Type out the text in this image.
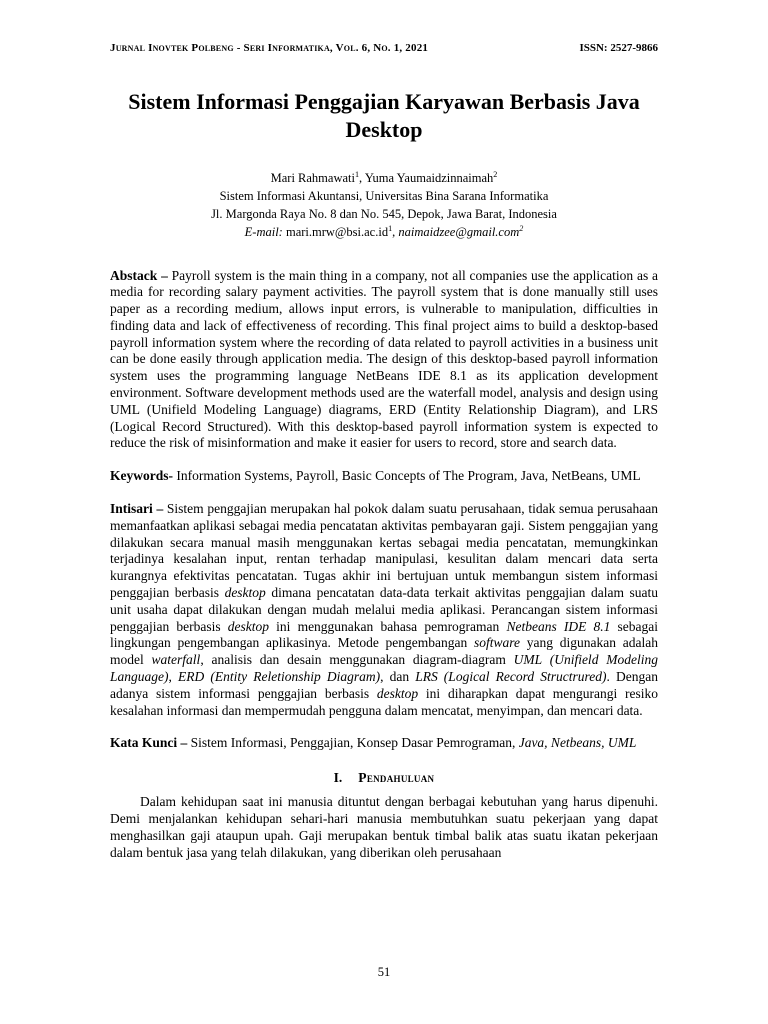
Jurnal Inovtek Polbeng - Seri Informatika, Vol. 6, No. 1, 2021	ISSN: 2527-9866
Sistem Informasi Penggajian Karyawan Berbasis Java Desktop

Mari Rahmawati$^1$, Yuma Yaumaidzinnaimah$^2$

Sistem Informasi Akuntansi, Universitas Bina Sarana Informatika

Jl. Margonda Raya No. 8 dan No. 545, Depok, Jawa Barat, Indonesia

E-mail: $mari.mrw@bsi.ac.id^1$, naimaidzee@gmail.com$^2$

Abstack – Payroll system is the main thing in a company, not all companies use the application as a media for recording salary payment activities. The payroll system that is done manually still uses paper as a recording medium, allows input errors, is vulnerable to manipulation, difficulties in finding data and lack of effectiveness of recording. This final project aims to build a desktop-based payroll information system where the recording of data related to payroll activities in a business unit can be done easily through application media. The design of this desktop-based payroll information system uses the programming language NetBeans IDE 8.1 as its application development environment. Software development methods used are the waterfall model, analysis and design using UML (Unifield Modeling Language) diagrams, ERD (Entity Relationship Diagram), and LRS (Logical Record Structured). With this desktop-based payroll information system is expected to reduce the risk of misinformation and make it easier for users to record, store and search data.

Keywords- Information Systems, Payroll, Basic Concepts of The Program, Java, NetBeans, UML

Intisari – Sistem penggajian merupakan hal pokok dalam suatu perusahaan, tidak semua perusahaan memanfaatkan aplikasi sebagai media pencatatan aktivitas pembayaran gaji. Sistem penggajian yang dilakukan secara manual masih menggunakan kertas sebagai media pencatatan, memungkinkan terjadinya kesalahan input, rentan terhadap manipulasi, kesulitan dalam mencari data serta kurangnya efektivitas pencatatan. Tugas akhir ini bertujuan untuk membangun sistem informasi penggajian berbasis desktop dimana pencatatan data-data terkait aktivitas penggajian dalam suatu unit usaha dapat dilakukan dengan mudah melalui media aplikasi. Perancangan sistem informasi penggajian berbasis desktop ini menggunakan bahasa pemrograman Netbeans IDE 8.1 sebagai lingkungan pengembangan aplikasinya. Metode pengembangan software yang digunakan adalah model waterfall, analisis dan desain menggunakan diagram-diagram UML (Unifield Modeling Language), ERD (Entity Reletionship Diagram), dan LRS (Logical Record Structrured). Dengan adanya sistem informasi penggajian berbasis desktop ini diharapkan dapat mengurangi resiko kesalahan informasi dan mempermudah pengguna dalam mencatat, menyimpan, dan mencari data.

Kata Kunci – Sistem Informasi, Penggajian, Konsep Dasar Pemrograman, Java, Netbeans, UML

I. Pendahuluan

Dalam kehidupan saat ini manusia dituntut dengan berbagai kebutuhan yang harus dipenuhi. Demi menjalankan kehidupan sehari-hari manusia membutuhkan suatu pekerjaan yang dapat menghasilkan gaji ataupun upah. Gaji merupakan bentuk timbal balik atas suatu ikatan pekerjaan dalam bentuk jasa yang telah dilakukan, yang diberikan oleh perusahaan

51
